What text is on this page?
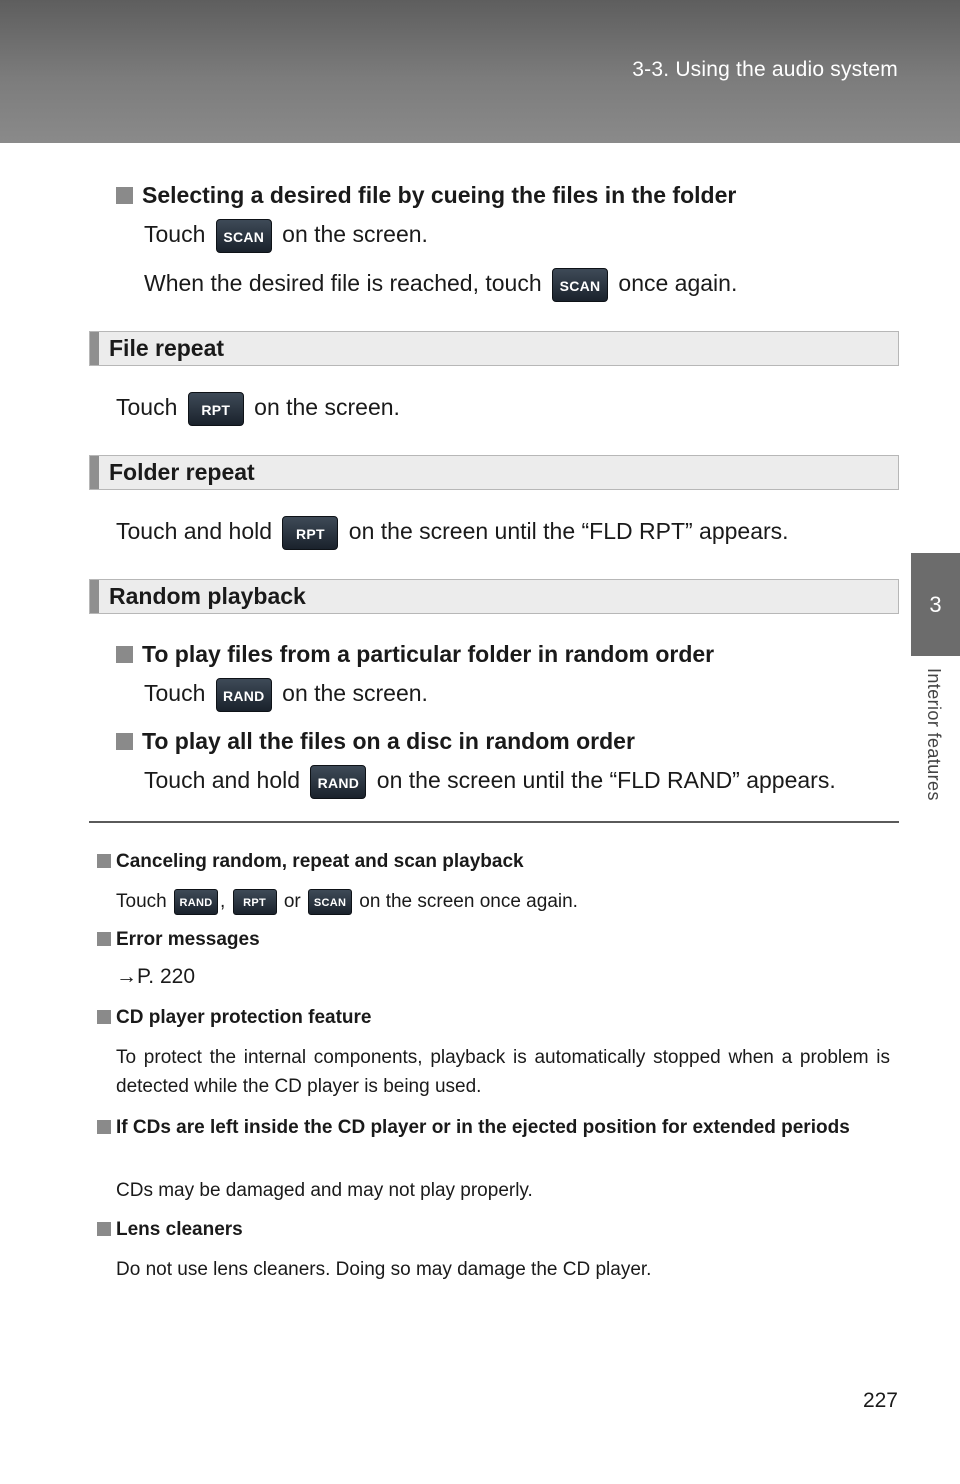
3-3. Using the audio system
3
Interior features
Selecting a desired file by cueing the files in the folder
Touch SCAN on the screen.
When the desired file is reached, touch SCAN once again.
File repeat
Touch RPT on the screen.
Folder repeat
Touch and hold RPT on the screen until the “FLD RPT” appears.
Random playback
To play files from a particular folder in random order
Touch RAND on the screen.
To play all the files on a disc in random order
Touch and hold RAND on the screen until the “FLD RAND” appears.
Canceling random, repeat and scan playback
Touch RAND , RPT or SCAN on the screen once again.
Error messages
→P. 220
CD player protection feature
To protect the internal components, playback is automatically stopped when a problem is detected while the CD player is being used.
If CDs are left inside the CD player or in the ejected position for extended periods
CDs may be damaged and may not play properly.
Lens cleaners
Do not use lens cleaners. Doing so may damage the CD player.
227
